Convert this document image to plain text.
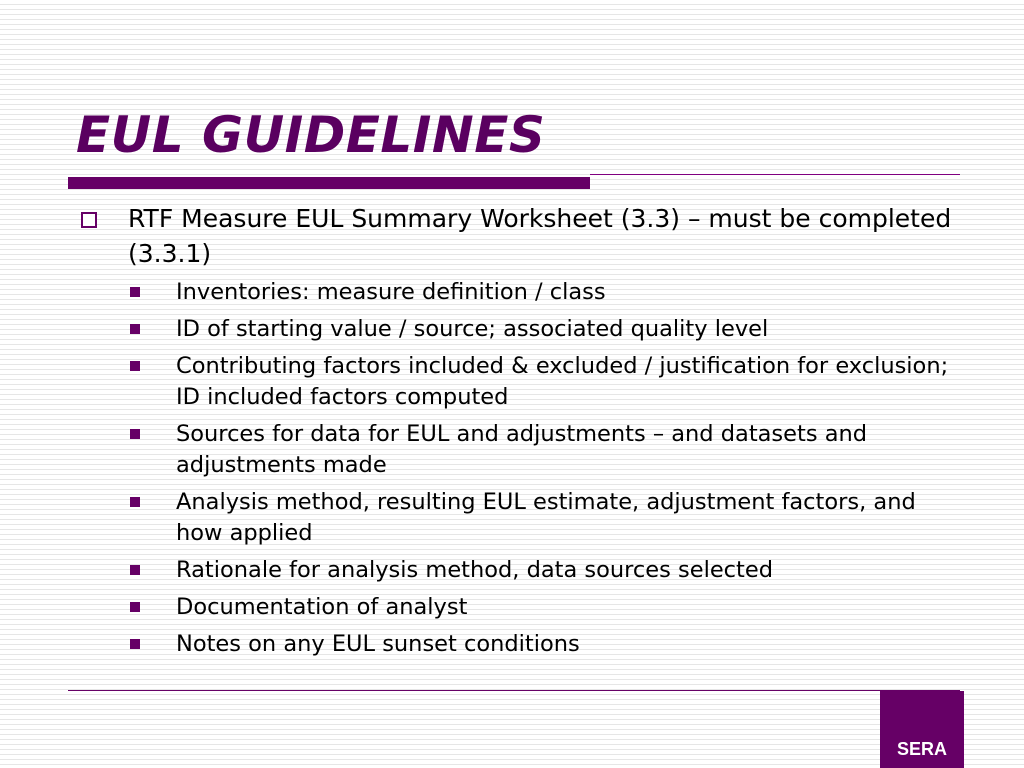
EUL GUIDELINES
RTF Measure EUL Summary Worksheet (3.3) – must be completed (3.3.1)
Inventories: measure definition / class
ID of starting value / source; associated quality level
Contributing factors included & excluded / justification for exclusion; ID included factors computed
Sources for data for EUL and adjustments – and datasets and adjustments made
Analysis method, resulting EUL estimate, adjustment factors, and how applied
Rationale for analysis method, data sources selected
Documentation of analyst
Notes on any EUL sunset conditions
SERA
